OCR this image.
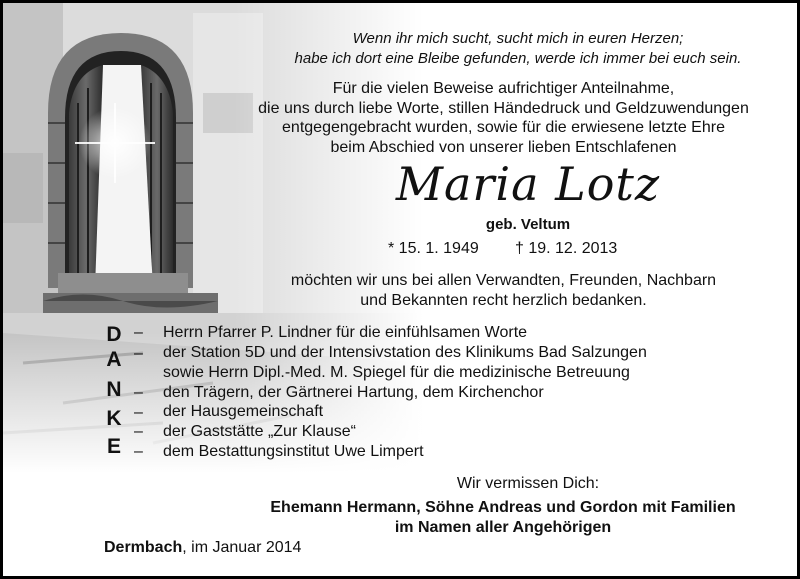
Wenn ihr mich sucht, sucht mich in euren Herzen;
habe ich dort eine Bleibe gefunden, werde ich immer bei euch sein.
Für die vielen Beweise aufrichtiger Anteilnahme,
die uns durch liebe Worte, stillen Händedruck und Geldzuwendungen
entgegengebracht wurden, sowie für die erwiesene letzte Ehre
beim Abschied von unserer lieben Entschlafenen
Maria Lotz
geb. Veltum
* 15. 1. 1949 † 19. 12. 2013
möchten wir uns bei allen Verwandten, Freunden, Nachbarn
und Bekannten recht herzlich bedanken.
D
A
N
K
E
–
–
–
–
–
–
Herrn Pfarrer P. Lindner für die einfühlsamen Worte
der Station 5D und der Intensivstation des Klinikums Bad Salzungen
sowie Herrn Dipl.-Med. M. Spiegel für die medizinische Betreuung
den Trägern, der Gärtnerei Hartung, dem Kirchenchor
der Hausgemeinschaft
der Gaststätte „Zur Klause“
dem Bestattungsinstitut Uwe Limpert
Wir vermissen Dich:
Ehemann Hermann, Söhne Andreas und Gordon mit Familien
im Namen aller Angehörigen
Dermbach, im Januar 2014
